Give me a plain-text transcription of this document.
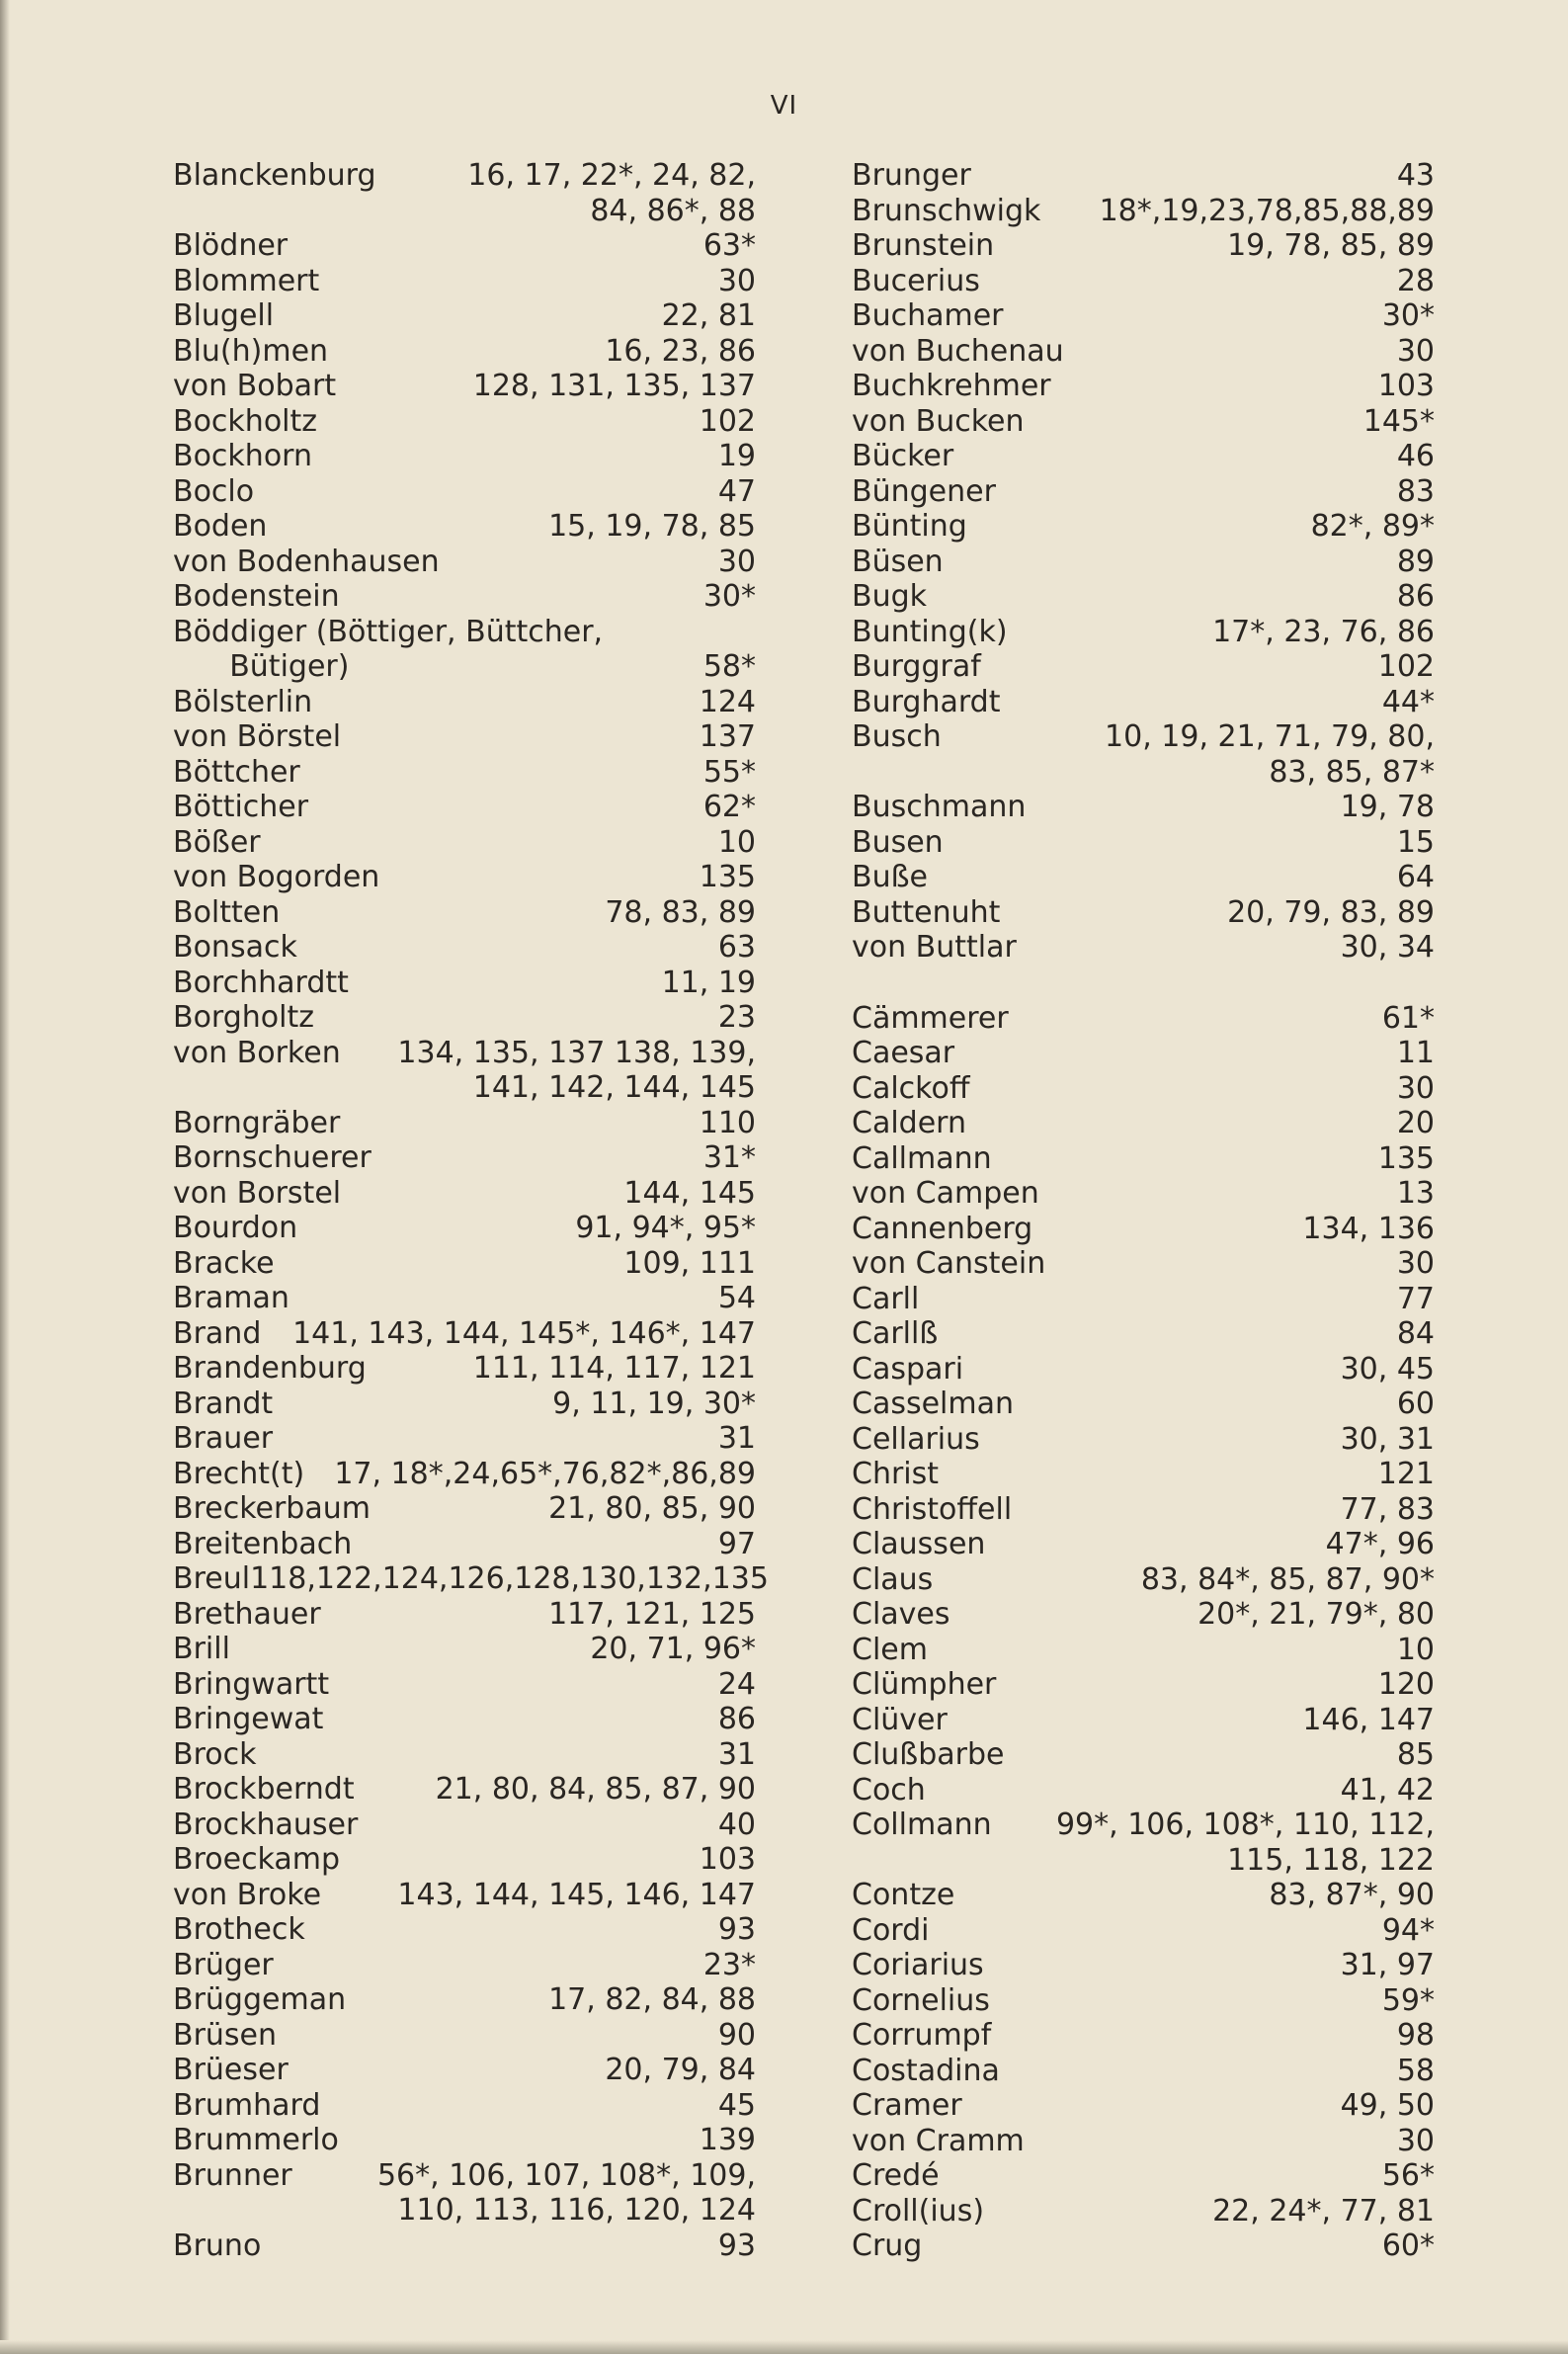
VI
Blanckenburg	16, 17, 22*, 24, 82,
84, 86*, 88
Blödner	63*
Blommert	30
Blugell	22, 81
Blu(h)men	16, 23, 86
von Bobart	128, 131, 135, 137
Bockholtz	102
Bockhorn	19
Boclo	47
Boden	15, 19, 78, 85
von Bodenhausen	30
Bodenstein	30*
Böddiger (Böttiger, Büttcher,
Bütiger)	58*
Bölsterlin	124
von Börstel	137
Böttcher	55*
Bötticher	62*
Bößer	10
von Bogorden	135
Boltten	78, 83, 89
Bonsack	63
Borchhardtt	11, 19
Borgholtz	23
von Borken 134, 135, 137 138, 139,
141, 142, 144, 145
Borngräber	110
Bornschuerer	31*
von Borstel	144, 145
Bourdon	91, 94*, 95*
Bracke	109, 111
Braman	54
Brand 141, 143, 144, 145*, 146*, 147
Brandenburg	111, 114, 117, 121
Brandt	9, 11, 19, 30*
Brauer	31
Brecht(t) 17, 18*,24,65*,76,82*,86,89
Breckerbaum	21, 80, 85, 90
Breitenbach	97
Breul 118,122,124,126,128,130,132,135
Brethauer	117, 121, 125
Brill	20, 71, 96*
Bringwartt	24
Bringewat	86
Brock	31
Brockberndt	21, 80, 84, 85, 87, 90
Brockhauser	40
Broeckamp	103
von Broke	143, 144, 145, 146, 147
Brotheck	93
Brüger	23*
Brüggeman	17, 82, 84, 88
Brüsen	90
Brüeser	20, 79, 84
Brumhard	45
Brummerlo	139
Brunner	56*, 106, 107, 108*, 109,
110, 113, 116, 120, 124
Bruno	93
Brunger	43
Brunschwigk 18*,19,23,78,85,88,89
Brunstein	19, 78, 85, 89
Bucerius	28
Buchamer	30*
von Buchenau	30
Buchkrehmer	103
von Bucken	145*
Bücker	46
Büngener	83
Bünting	82*, 89*
Büsen	89
Bugk	86
Bunting(k)	17*, 23, 76, 86
Burggraf	102
Burghardt	44*
Busch	10, 19, 21, 71, 79, 80,
83, 85, 87*
Buschmann	19, 78
Busen	15
Buße	64
Buttenuht	20, 79, 83, 89
von Buttlar	30, 34
Cämmerer	61*
Caesar	11
Calckoff	30
Caldern	20
Callmann	135
von Campen	13
Cannenberg	134, 136
von Canstein	30
Carll	77
Carllß	84
Caspari	30, 45
Casselman	60
Cellarius	30, 31
Christ	121
Christoffell	77, 83
Claussen	47*, 96
Claus	83, 84*, 85, 87, 90*
Claves	20*, 21, 79*, 80
Clem	10
Clümpher	120
Clüver	146, 147
Clußbarbe	85
Coch	41, 42
Collmann 99*, 106, 108*, 110, 112,
115, 118, 122
Contze	83, 87*, 90
Cordi	94*
Coriarius	31, 97
Cornelius	59*
Corrumpf	98
Costadina	58
Cramer	49, 50
von Cramm	30
Credé	56*
Croll(ius)	22, 24*, 77, 81
Crug	60*
